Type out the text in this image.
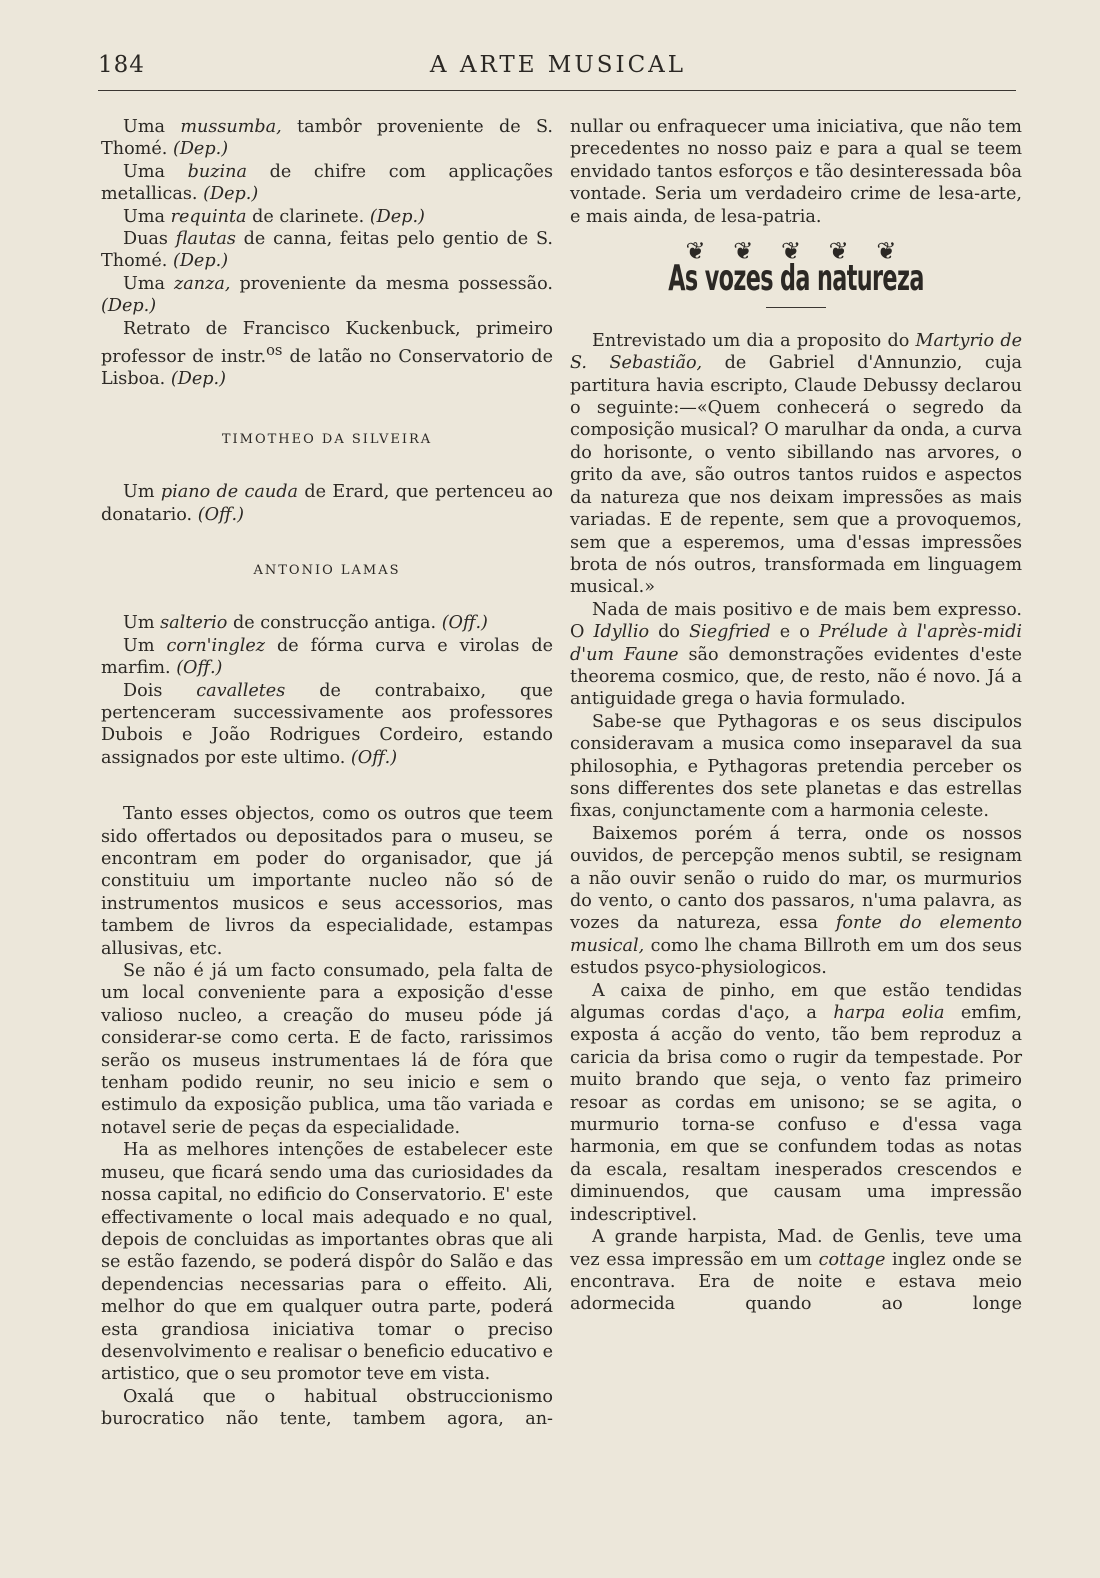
184	A ARTE MUSICAL

Uma mussumba, tambôr proveniente de S. Thomé. (Dep.)

Uma buzina de chifre com applicações metallicas. (Dep.)

Uma requinta de clarinete. (Dep.)

Duas flautas de canna, feitas pelo gentio de S. Thomé. (Dep.)

Uma zanza, proveniente da mesma possessão. (Dep.)

Retrato de Francisco Kuckenbuck, primeiro professor de instr.$^{os}$ de latão no Conservatorio de Lisboa. (Dep.)

TIMOTHEO DA SILVEIRA

Um piano de cauda de Erard, que pertenceu ao donatario. (Off.)

ANTONIO LAMAS

Um salterio de construcção antiga. (Off.)

Um corn'inglez de fórma curva e virolas de marfim. (Off.)

Dois cavalletes de contrabaixo, que pertenceram successivamente aos professores Dubois e João Rodrigues Cordeiro, estando assignados por este ultimo. (Off.)

Tanto esses objectos, como os outros que teem sido offertados ou depositados para o museu, se encontram em poder do organisador, que já constituiu um importante nucleo não só de instrumentos musicos e seus accessorios, mas tambem de livros da especialidade, estampas allusivas, etc.

Se não é já um facto consumado, pela falta de um local conveniente para a exposição d'esse valioso nucleo, a creação do museu póde já considerar-se como certa. E de facto, rarissimos serão os museus instrumentaes lá de fóra que tenham podido reunir, no seu inicio e sem o estimulo da exposição publica, uma tão variada e notavel serie de peças da especialidade.

Ha as melhores intenções de estabelecer este museu, que ficará sendo uma das curiosidades da nossa capital, no edificio do Conservatorio. E' este effectivamente o local mais adequado e no qual, depois de concluidas as importantes obras que ali se estão fazendo, se poderá dispôr do Salão e das dependencias necessarias para o effeito. Ali, melhor do que em qualquer outra parte, poderá esta grandiosa iniciativa tomar o preciso desenvolvimento e realisar o beneficio educativo e artistico, que o seu promotor teve em vista.

Oxalá que o habitual obstruccionismo burocratico não tente, tambem agora, an-

nullar ou enfraquecer uma iniciativa, que não tem precedentes no nosso paiz e para a qual se teem envidado tantos esforços e tão desinteressada bôa vontade. Seria um verdadeiro crime de lesa-arte, e mais ainda, de lesa-patria.

❦ ❦ ❦ ❦ ❦
As vozes da natureza

Entrevistado um dia a proposito do Martyrio de S. Sebastião, de Gabriel d'Annunzio, cuja partitura havia escripto, Claude Debussy declarou o seguinte:—«Quem conhecerá o segredo da composição musical? O marulhar da onda, a curva do horisonte, o vento sibillando nas arvores, o grito da ave, são outros tantos ruidos e aspectos da natureza que nos deixam impressões as mais variadas. E de repente, sem que a provoquemos, sem que a esperemos, uma d'essas impressões brota de nós outros, transformada em linguagem musical.»

Nada de mais positivo e de mais bem expresso. O Idyllio do Siegfried e o Prélude à l'après-midi d'um Faune são demonstrações evidentes d'este theorema cosmico, que, de resto, não é novo. Já a antiguidade grega o havia formulado.

Sabe-se que Pythagoras e os seus discipulos consideravam a musica como inseparavel da sua philosophia, e Pythagoras pretendia perceber os sons differentes dos sete planetas e das estrellas fixas, conjunctamente com a harmonia celeste.

Baixemos porém á terra, onde os nossos ouvidos, de percepção menos subtil, se resignam a não ouvir senão o ruido do mar, os murmurios do vento, o canto dos passaros, n'uma palavra, as vozes da natureza, essa fonte do elemento musical, como lhe chama Billroth em um dos seus estudos psyco-physiologicos.

A caixa de pinho, em que estão tendidas algumas cordas d'aço, a harpa eolia emfim, exposta á acção do vento, tão bem reproduz a caricia da brisa como o rugir da tempestade. Por muito brando que seja, o vento faz primeiro resoar as cordas em unisono; se se agita, o murmurio torna-se confuso e d'essa vaga harmonia, em que se confundem todas as notas da escala, resaltam inesperados crescendos e diminuendos, que causam uma impressão indescriptivel.

A grande harpista, Mad. de Genlis, teve uma vez essa impressão em um cottage inglez onde se encontrava. Era de noite e estava meio adormecida quando ao longe
